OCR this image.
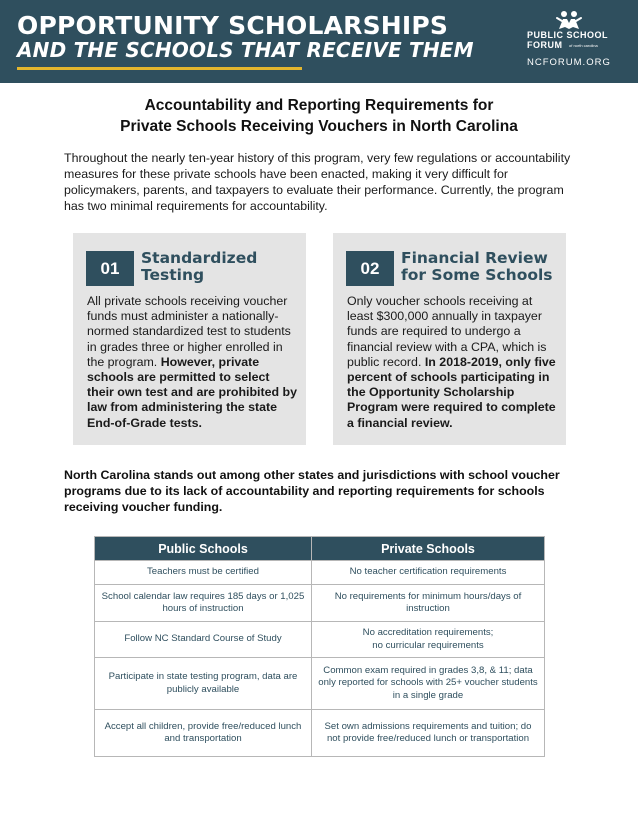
OPPORTUNITY SCHOLARSHIPS
AND THE SCHOOLS THAT RECEIVE THEM
PUBLIC SCHOOL
FORUM of north carolina
NCFORUM.ORG
Accountability and Reporting Requirements for
Private Schools Receiving Vouchers in North Carolina

Throughout the nearly ten-year history of this program, very few regulations or accountability measures for these private schools have been enacted, making it very difficult for policymakers, parents, and taxpayers to evaluate their performance. Currently, the program has two minimal requirements for accountability.

01
Standardized Testing

All private schools receiving voucher funds must administer a nationally-normed standardized test to students in grades three or higher enrolled in the program. However, private schools are permitted to select their own test and are prohibited by law from administering the state End-of-Grade tests.

02
Financial Review for Some Schools

Only voucher schools receiving at least $300,000 annually in taxpayer funds are required to undergo a financial review with a CPA, which is public record. In 2018-2019, only five percent of schools participating in the Opportunity Scholarship Program were required to complete a financial review.

North Carolina stands out among other states and jurisdictions with school voucher programs due to its lack of accountability and reporting requirements for schools receiving voucher funding.

Public Schools	Private Schools
Teachers must be certified	No teacher certification requirements
School calendar law requires 185 days or 1,025 hours of instruction	No requirements for minimum hours/days of instruction
Follow NC Standard Course of Study	No accreditation requirements;
no curricular requirements

Participate in state testing program, data are publicly available	Common exam required in grades 3,8, & 11; data only reported for schools with 25+ voucher students in a single grade
Accept all children, provide free/reduced lunch and transportation	Set own admissions requirements and tuition; do not provide free/reduced lunch or transportation
